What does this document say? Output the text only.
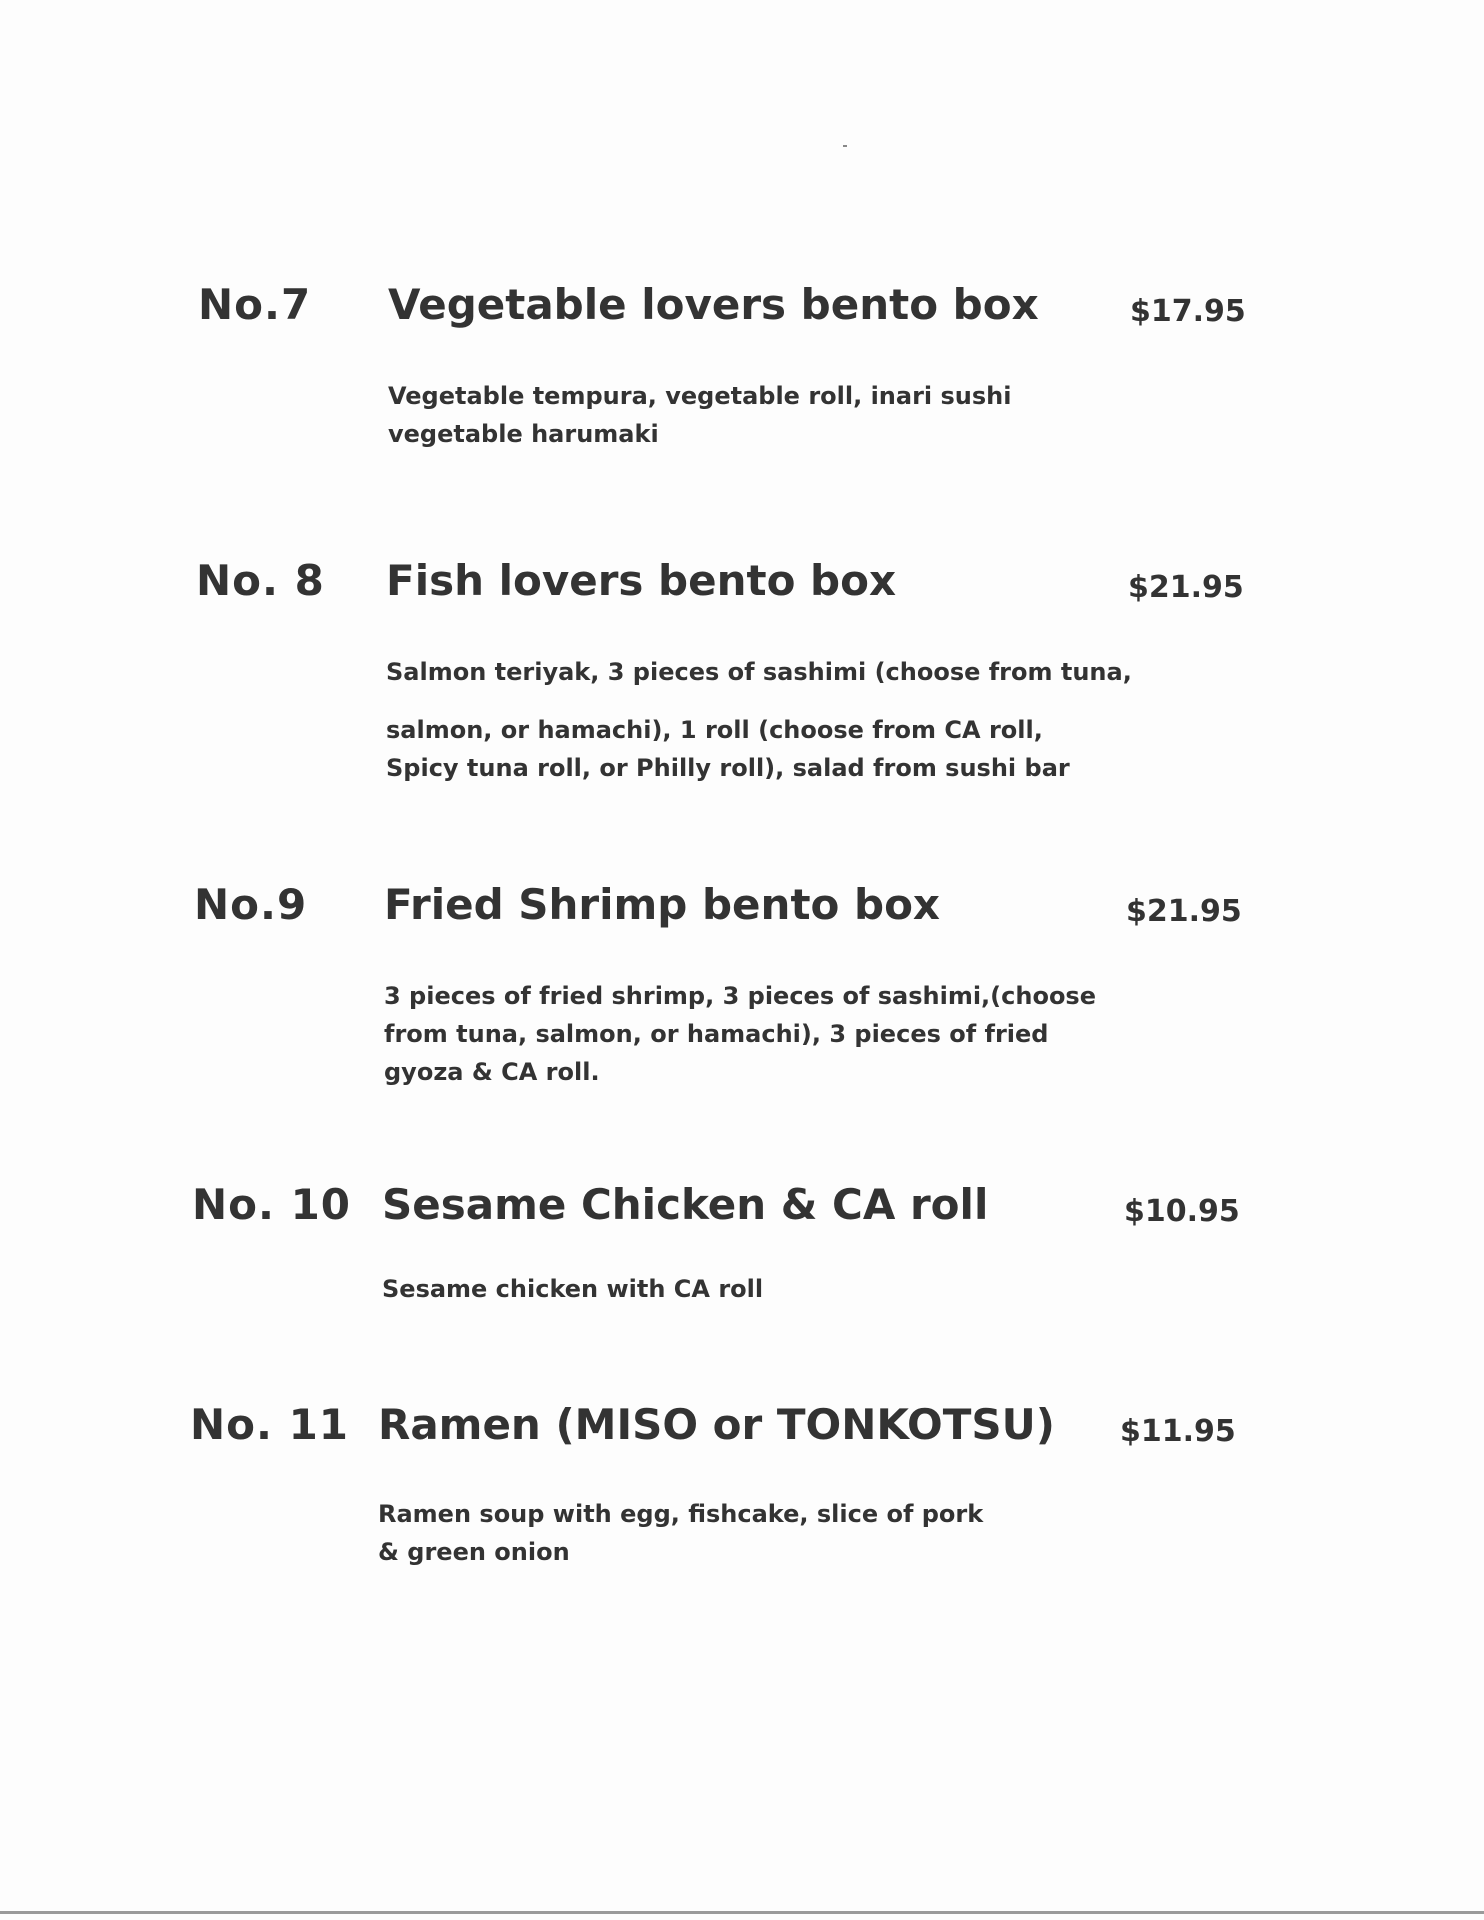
No.7 Vegetable lovers bento box	$17.95
Vegetable tempura, vegetable roll, inari sushi
vegetable harumaki
No. 8 Fish lovers bento box	$21.95
Salmon teriyak, 3 pieces of sashimi (choose from tuna,
salmon, or hamachi), 1 roll (choose from CA roll,
Spicy tuna roll, or Philly roll), salad from sushi bar
No.9 Fried Shrimp bento box	$21.95
3 pieces of fried shrimp, 3 pieces of sashimi,(choose
from tuna, salmon, or hamachi), 3 pieces of fried
gyoza & CA roll.
No. 10 Sesame Chicken & CA roll	$10.95
Sesame chicken with CA roll
No. 11 Ramen (MISO or TONKOTSU) $11.95
Ramen soup with egg, fishcake, slice of pork
& green onion
